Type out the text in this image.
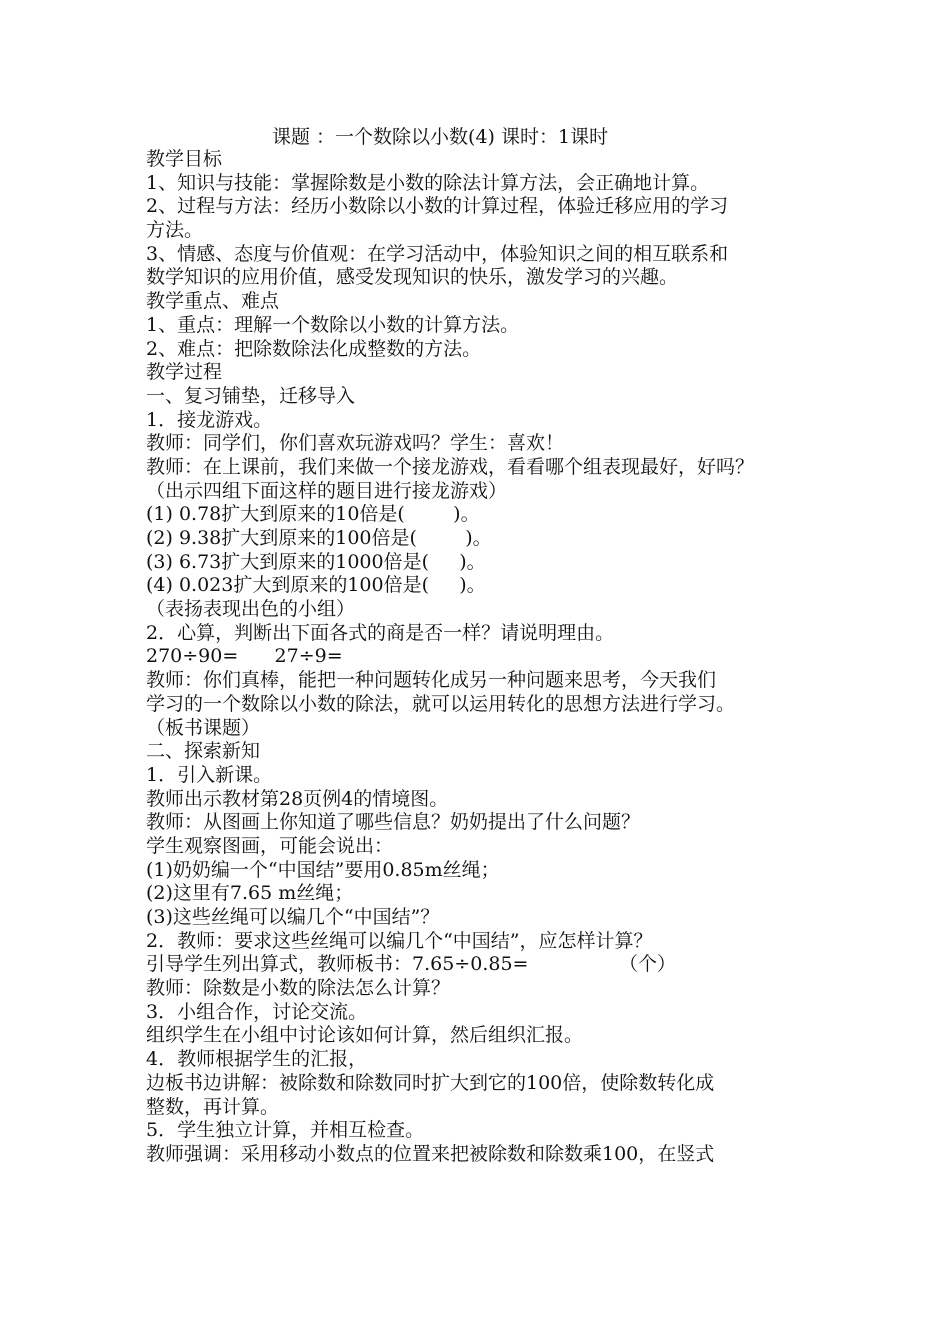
课题 ：一个数除以小数(4) 课时：1课时
教学目标
1、知识与技能：掌握除数是小数的除法计算方法，会正确地计算。
2、过程与方法：经历小数除以小数的计算过程，体验迁移应用的学习
方法。
3、情感、态度与价值观：在学习活动中，体验知识之间的相互联系和
数学知识的应用价值，感受发现知识的快乐，激发学习的兴趣。
教学重点、难点
1、重点：理解一个数除以小数的计算方法。
2、难点：把除数除法化成整数的方法。
教学过程
一、复习铺垫，迁移导入
1．接龙游戏。
教师：同学们，你们喜欢玩游戏吗？学生：喜欢！
教师：在上课前，我们来做一个接龙游戏，看看哪个组表现最好，好吗？
（出示四组下面这样的题目进行接龙游戏）
(1) 0.78扩大到原来的10倍是(        )。
(2) 9.38扩大到原来的100倍是(        )。
(3) 6.73扩大到原来的1000倍是(     )。
(4) 0.023扩大到原来的100倍是(     )。
（表扬表现出色的小组）
2．心算，判断出下面各式的商是否一样？请说明理由。
270÷90=      27÷9=
教师：你们真棒，能把一种问题转化成另一种问题来思考，今天我们
学习的一个数除以小数的除法，就可以运用转化的思想方法进行学习。
（板书课题）
二、探索新知
1．引入新课。
教师出示教材第28页例4的情境图。
教师：从图画上你知道了哪些信息？奶奶提出了什么问题？
学生观察图画，可能会说出：
(1)奶奶编一个“中国结”要用0.85m丝绳；
(2)这里有7.65 m丝绳；
(3)这些丝绳可以编几个“中国结”？
2．教师：要求这些丝绳可以编几个“中国结”，应怎样计算？
引导学生列出算式，教师板书：7.65÷0.85=               （个）
教师：除数是小数的除法怎么计算？
3．小组合作，讨论交流。
组织学生在小组中讨论该如何计算，然后组织汇报。
4．教师根据学生的汇报，
边板书边讲解：被除数和除数同时扩大到它的100倍，使除数转化成
整数，再计算。
5．学生独立计算，并相互检查。
教师强调：采用移动小数点的位置来把被除数和除数乘100，在竖式
